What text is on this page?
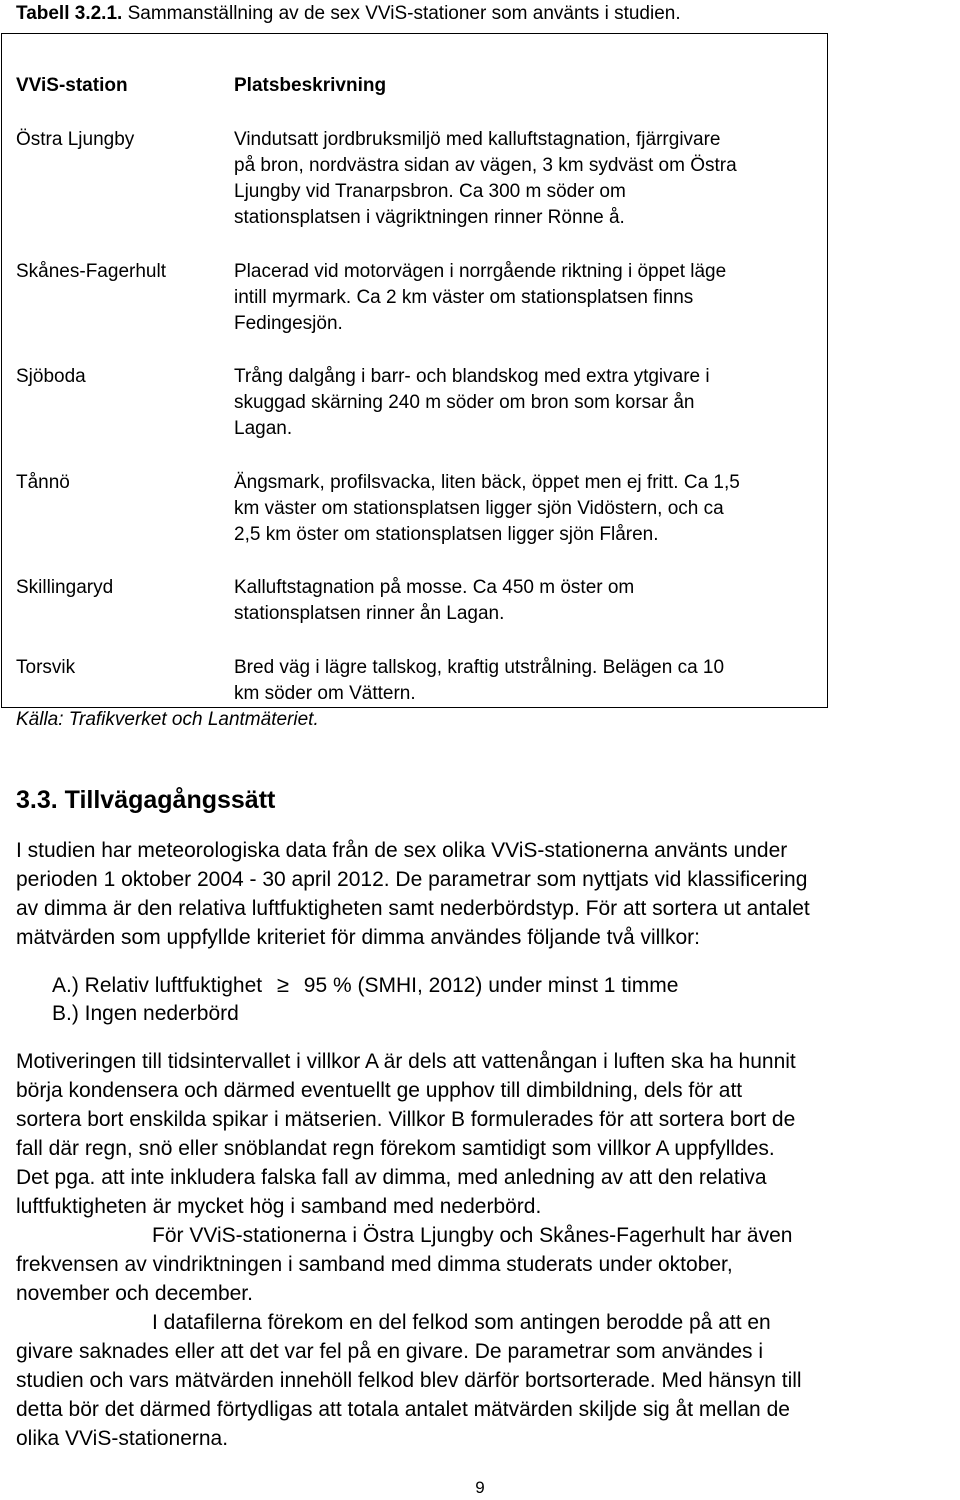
Tabell 3.2.1. Sammanställning av de sex VViS-stationer som använts i studien.
VViS-station	Platsbeskrivning
Östra Ljungby	Vindutsatt jordbruksmiljö med kalluftstagnation, fjärrgivare
på bron, nordvästra sidan av vägen, 3 km sydväst om Östra
Ljungby vid Tranarpsbron. Ca 300 m söder om
stationsplatsen i vägriktningen rinner Rönne å.
Skånes-Fagerhult	Placerad vid motorvägen i norrgående riktning i öppet läge
intill myrmark. Ca 2 km väster om stationsplatsen finns
Fedingesjön.
Sjöboda	Trång dalgång i barr- och blandskog med extra ytgivare i
skuggad skärning 240 m söder om bron som korsar ån
Lagan.
Tånnö	Ängsmark, profilsvacka, liten bäck, öppet men ej fritt. Ca 1,5
km väster om stationsplatsen ligger sjön Vidöstern, och ca
2,5 km öster om stationsplatsen ligger sjön Flåren.
Skillingaryd	Kalluftstagnation på mosse. Ca 450 m öster om
stationsplatsen rinner ån Lagan.
Torsvik	Bred väg i lägre tallskog, kraftig utstrålning. Belägen ca 10
km söder om Vättern.
Källa: Trafikverket och Lantmäteriet.
3.3. Tillvägagångssätt
I studien har meteorologiska data från de sex olika VViS-stationerna använts under
perioden 1 oktober 2004 - 30 april 2012. De parametrar som nyttjats vid klassificering
av dimma är den relativa luftfuktigheten samt nederbördstyp. För att sortera ut antalet
mätvärden som uppfyllde kriteriet för dimma användes följande två villkor:
A.) Relativ luftfuktighet ≥ 95 % (SMHI, 2012) under minst 1 timme
B.) Ingen nederbörd
Motiveringen till tidsintervallet i villkor A är dels att vattenångan i luften ska ha hunnit
börja kondensera och därmed eventuellt ge upphov till dimbildning, dels för att
sortera bort enskilda spikar i mätserien. Villkor B formulerades för att sortera bort de
fall där regn, snö eller snöblandat regn förekom samtidigt som villkor A uppfylldes.
Det pga. att inte inkludera falska fall av dimma, med anledning av att den relativa
luftfuktigheten är mycket hög i samband med nederbörd.
För VViS-stationerna i Östra Ljungby och Skånes-Fagerhult har även
frekvensen av vindriktningen i samband med dimma studerats under oktober,
november och december.
I datafilerna förekom en del felkod som antingen berodde på att en
givare saknades eller att det var fel på en givare. De parametrar som användes i
studien och vars mätvärden innehöll felkod blev därför bortsorterade. Med hänsyn till
detta bör det därmed förtydligas att totala antalet mätvärden skiljde sig åt mellan de
olika VViS-stationerna.
9
